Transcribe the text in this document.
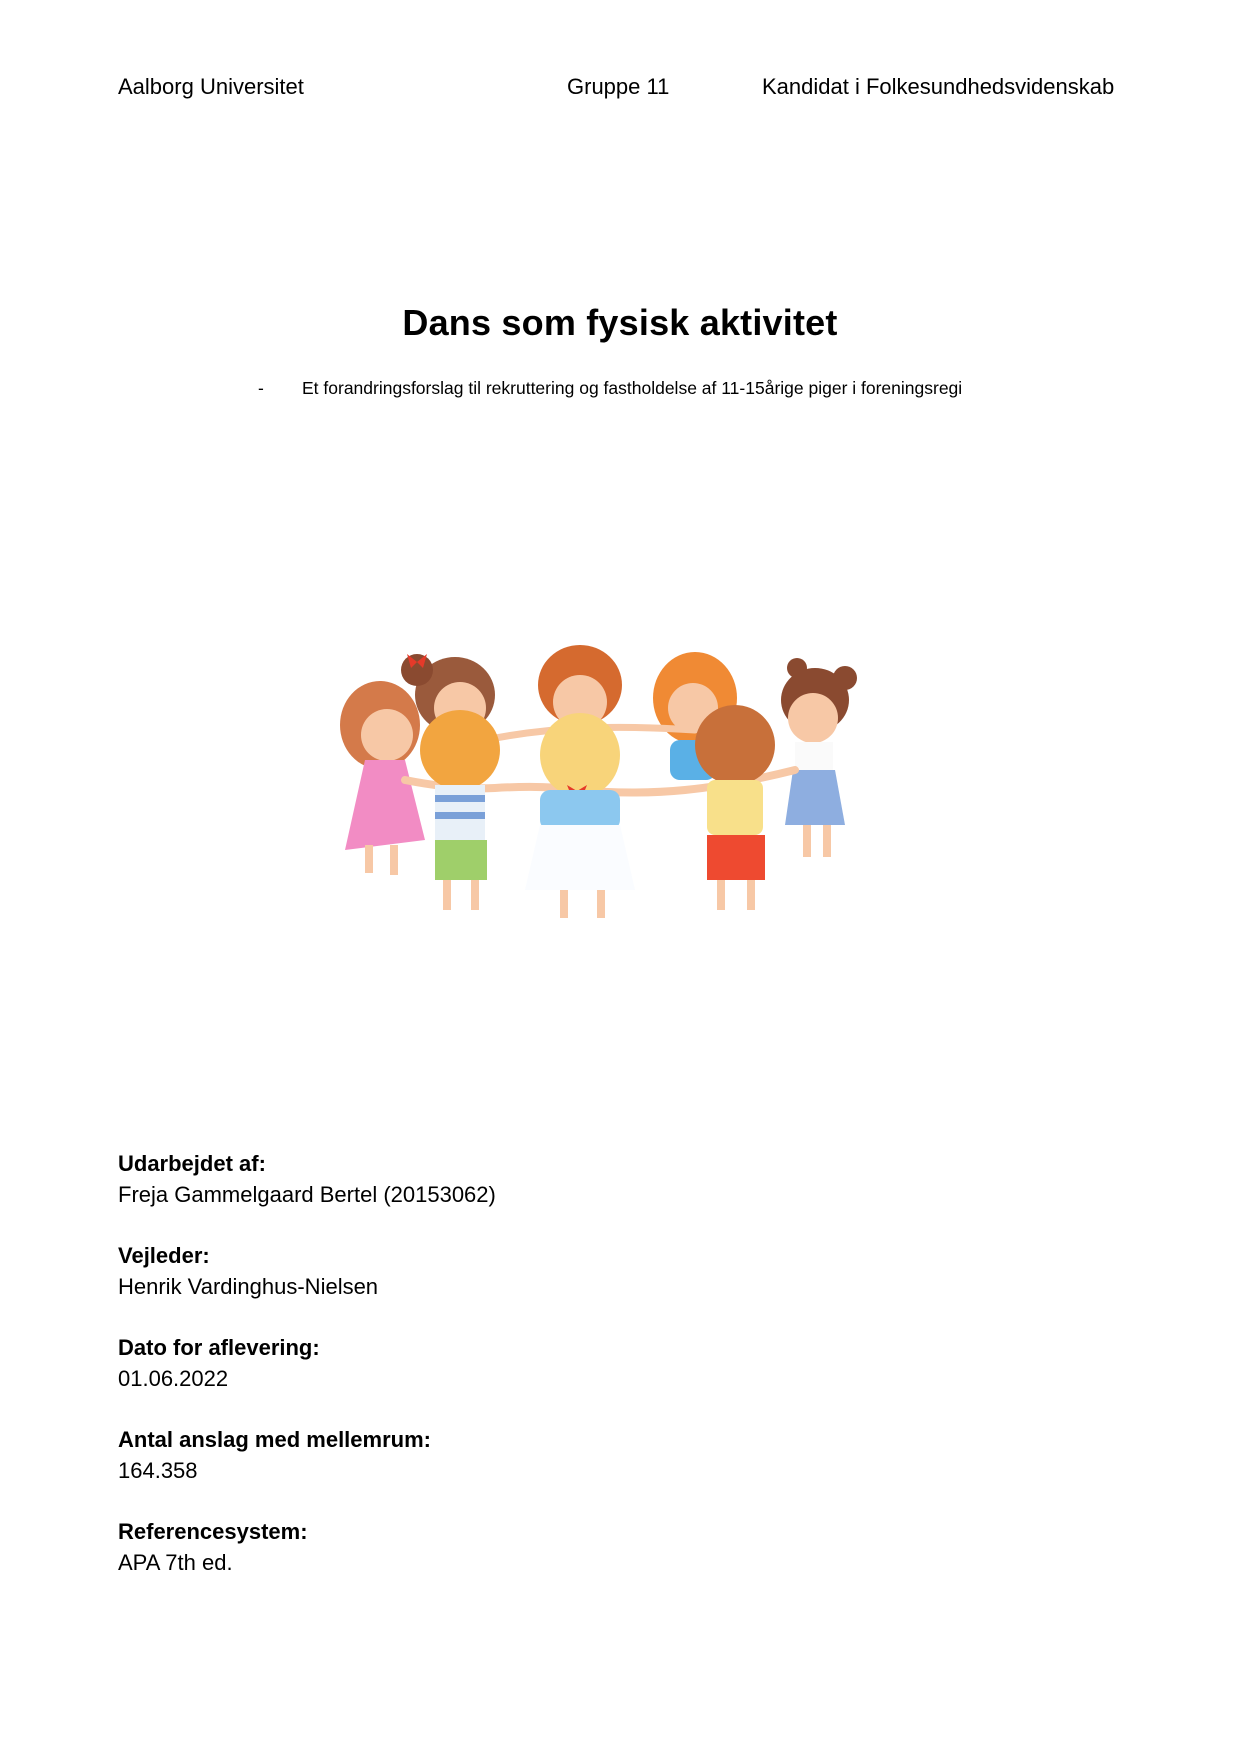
Aalborg Universitet	Gruppe 11	Kandidat i Folkesundhedsvidenskab
Dans som fysisk aktivitet
- Et forandringsforslag til rekruttering og fastholdelse af 11-15årige piger i foreningsregi
Udarbejdet af:
Freja Gammelgaard Bertel (20153062)
Vejleder:
Henrik Vardinghus-Nielsen
Dato for aflevering:
01.06.2022
Antal anslag med mellemrum:
164.358
Referencesystem:
APA 7th ed.
